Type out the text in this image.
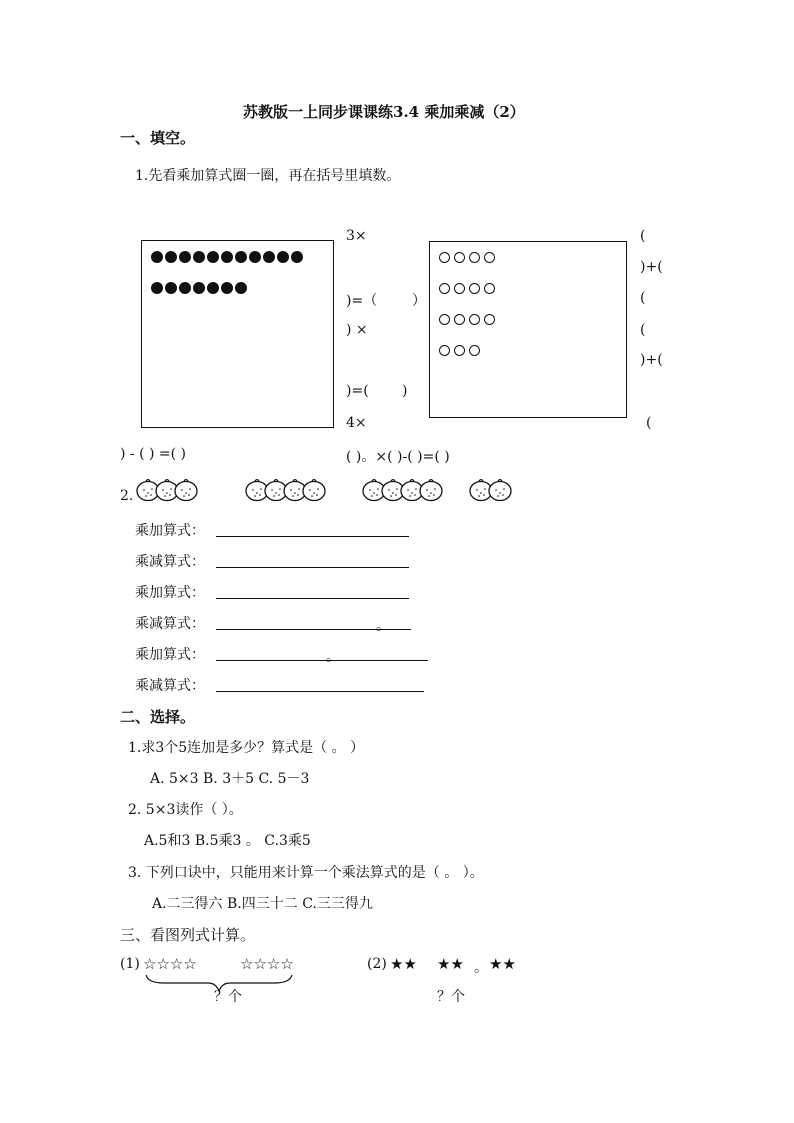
苏教版一上同步课课练3.4 乘加乘减（2）
一、填空。
1.先看乘加算式圈一圈，再在括号里填数。
3×
)=（ ）
) ×
)=( )
4×
(
)+(
(
(
)+(
(
) - ( ) =( )	( )。×( )-( )=( )
2.
乘加算式：
乘减算式：
乘加算式：
乘减算式：	。
乘加算式：	。
乘减算式：
二、选择。
1.求3个5连加是多少？算式是（ 。 ）
A. 5×3 B. 3＋5 C. 5－3
2. 5×3读作（ ）。
A.5和3 B.5乘3 。 C.3乘5
3. 下列口诀中，只能用来计算一个乘法算式的是（ 。 ）。
A.二三得六 B.四三十二 C.三三得九
三、看图列式计算。
(1) ☆☆☆☆	☆☆☆☆
？个
(2) ★★ ★★ 。 ★★
？个
